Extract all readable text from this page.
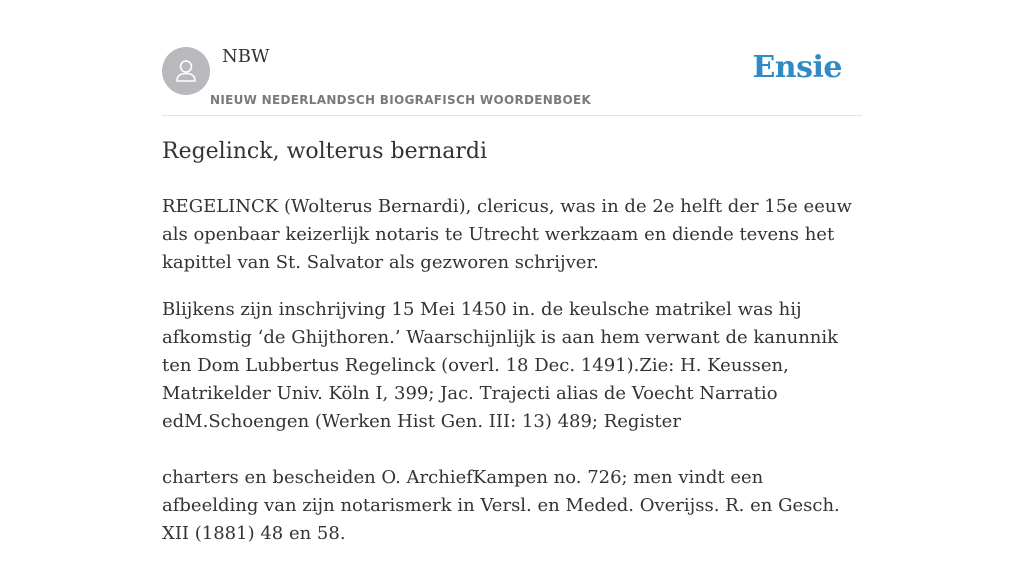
NBW
NIEUW NEDERLANDSCH BIOGRAFISCH WOORDENBOEK
Ensie
Regelinck, wolterus bernardi

REGELINCK (Wolterus Bernardi), clericus, was in de 2e helft der 15e eeuw als openbaar keizerlijk notaris te Utrecht werkzaam en diende tevens het kapittel van St. Salvator als gezworen schrijver.

Blijkens zijn inschrijving 15 Mei 1450 in. de keulsche matrikel was hij afkomstig ‘de Ghijthoren.’ Waarschijnlijk is aan hem verwant de kanunnik ten Dom Lubbertus Regelinck (overl. 18 Dec. 1491).Zie: H. Keussen, Matrikelder Univ. Köln I, 399; Jac. Trajecti alias de Voecht Narratio edM.Schoengen (Werken Hist Gen. III: 13) 489; Register

charters en bescheiden O. ArchiefKampen no. 726; men vindt een afbeelding van zijn notarismerk in Versl. en Meded. Overijss. R. en Gesch. XII (1881) 48 en 58.
